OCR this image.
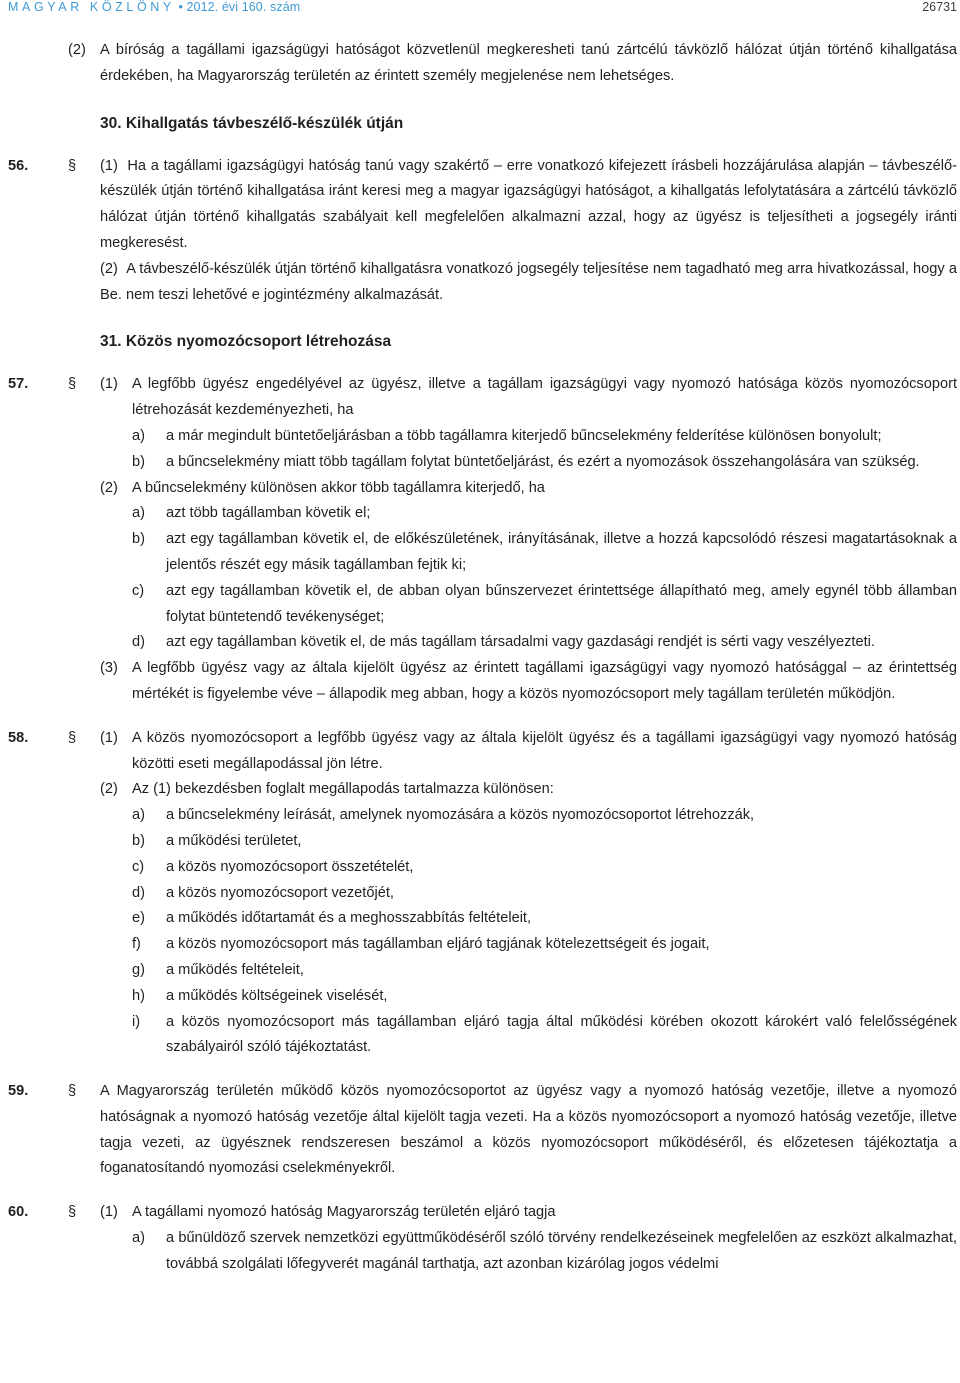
MAGYAR KÖZLÖNY • 2012. évi 160. szám	26731
(2) A bíróság a tagállami igazságügyi hatóságot közvetlenül megkeresheti tanú zártcélú távközlő hálózat útján történő kihallgatása érdekében, ha Magyarország területén az érintett személy megjelenése nem lehetséges.
30. Kihallgatás távbeszélő-készülék útján
56.	§	(1) Ha a tagállami igazságügyi hatóság tanú vagy szakértő – erre vonatkozó kifejezett írásbeli hozzájárulása alapján – távbeszélő-készülék útján történő kihallgatása iránt keresi meg a magyar igazságügyi hatóságot, a kihallgatás lefolytatására a zártcélú távközlő hálózat útján történő kihallgatás szabályait kell megfelelően alkalmazni azzal, hogy az ügyész is teljesítheti a jogsegély iránti megkeresést.
(2) A távbeszélő-készülék útján történő kihallgatásra vonatkozó jogsegély teljesítése nem tagadható meg arra hivatkozással, hogy a Be. nem teszi lehetővé e jogintézmény alkalmazását.
31. Közös nyomozócsoport létrehozása
57.	§	(1) A legfőbb ügyész engedélyével az ügyész, illetve a tagállam igazságügyi vagy nyomozó hatósága közös nyomozócsoport létrehozását kezdeményezheti, ha
a)	a már megindult büntetőeljárásban a több tagállamra kiterjedő bűncselekmény felderítése különösen bonyolult;
b)	a bűncselekmény miatt több tagállam folytat büntetőeljárást, és ezért a nyomozások összehangolására van szükség.
(2) A bűncselekmény különösen akkor több tagállamra kiterjedő, ha
a)	azt több tagállamban követik el;
b)	azt egy tagállamban követik el, de előkészületének, irányításának, illetve a hozzá kapcsolódó részesi magatartásoknak a jelentős részét egy másik tagállamban fejtik ki;
c)	azt egy tagállamban követik el, de abban olyan bűnszervezet érintettsége állapítható meg, amely egynél több államban folytat büntetendő tevékenységet;
d)	azt egy tagállamban követik el, de más tagállam társadalmi vagy gazdasági rendjét is sérti vagy veszélyezteti.
(3) A legfőbb ügyész vagy az általa kijelölt ügyész az érintett tagállami igazságügyi vagy nyomozó hatósággal – az érintettség mértékét is figyelembe véve – állapodik meg abban, hogy a közös nyomozócsoport mely tagállam területén működjön.
58.	§	(1) A közös nyomozócsoport a legfőbb ügyész vagy az általa kijelölt ügyész és a tagállami igazságügyi vagy nyomozó hatóság közötti eseti megállapodással jön létre.
(2) Az (1) bekezdésben foglalt megállapodás tartalmazza különösen:
a)	a bűncselekmény leírását, amelynek nyomozására a közös nyomozócsoportot létrehozzák,
b)	a működési területet,
c)	a közös nyomozócsoport összetételét,
d)	a közös nyomozócsoport vezetőjét,
e)	a működés időtartamát és a meghosszabbítás feltételeit,
f)	a közös nyomozócsoport más tagállamban eljáró tagjának kötelezettségeit és jogait,
g)	a működés feltételeit,
h)	a működés költségeinek viselését,
i)	a közös nyomozócsoport más tagállamban eljáró tagja által működési körében okozott károkért való felelősségének szabályairól szóló tájékoztatást.
59.	§	A Magyarország területén működő közös nyomozócsoportot az ügyész vagy a nyomozó hatóság vezetője, illetve a nyomozó hatóságnak a nyomozó hatóság vezetője által kijelölt tagja vezeti. Ha a közös nyomozócsoport a nyomozó hatóság vezetője, illetve tagja vezeti, az ügyésznek rendszeresen beszámol a közös nyomozócsoport működéséről, és előzetesen tájékoztatja a foganatosítandó nyomozási cselekményekről.
60.	§	(1) A tagállami nyomozó hatóság Magyarország területén eljáró tagja
a)	a bűnüldöző szervek nemzetközi együttműködéséről szóló törvény rendelkezéseinek megfelelően az eszközt alkalmazhat, továbbá szolgálati lőfegyverét magánál tarthatja, azt azonban kizárólag jogos védelmi
